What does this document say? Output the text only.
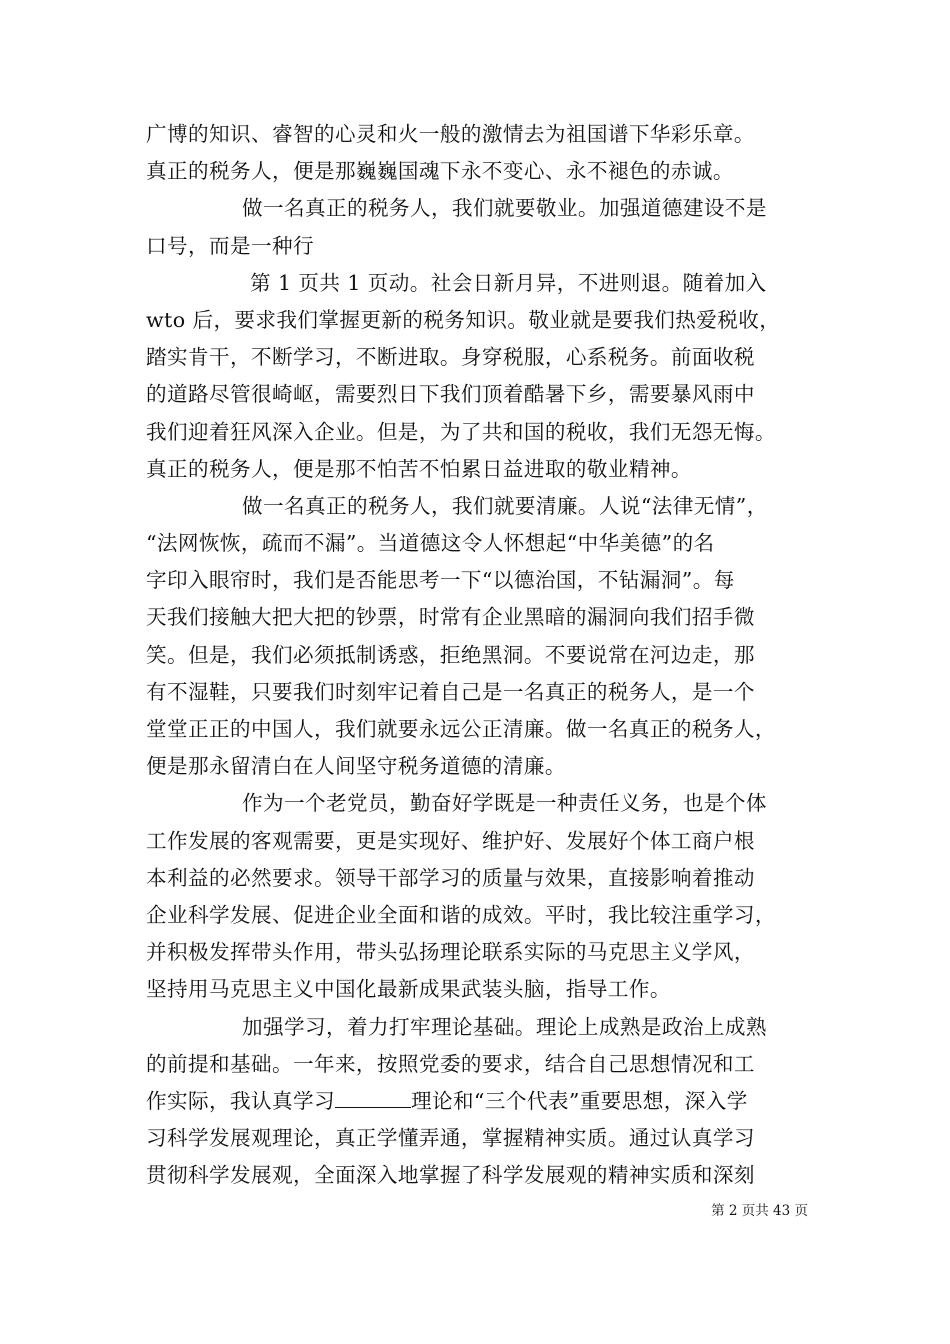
广博的知识、睿智的心灵和火一般的激情去为祖国谱下华彩乐章。
真正的税务人，便是那巍巍国魂下永不变心、永不褪色的赤诚。
做一名真正的税务人，我们就要敬业。加强道德建设不是
口号，而是一种行
第 1 页共 1 页动。社会日新月异，不进则退。随着加入
wto 后，要求我们掌握更新的税务知识。敬业就是要我们热爱税收，
踏实肯干，不断学习，不断进取。身穿税服，心系税务。前面收税
的道路尽管很崎岖，需要烈日下我们顶着酷暑下乡，需要暴风雨中
我们迎着狂风深入企业。但是，为了共和国的税收，我们无怨无悔。
真正的税务人，便是那不怕苦不怕累日益进取的敬业精神。
做一名真正的税务人，我们就要清廉。人说“法律无情”，
“法网恢恢，疏而不漏”。当道德这令人怀想起“中华美德”的名
字印入眼帘时，我们是否能思考一下“以德治国，不钻漏洞”。每
天我们接触大把大把的钞票，时常有企业黑暗的漏洞向我们招手微
笑。但是，我们必须抵制诱惑，拒绝黑洞。不要说常在河边走，那
有不湿鞋，只要我们时刻牢记着自己是一名真正的税务人，是一个
堂堂正正的中国人，我们就要永远公正清廉。做一名真正的税务人，
便是那永留清白在人间坚守税务道德的清廉。
作为一个老党员，勤奋好学既是一种责任义务，也是个体
工作发展的客观需要，更是实现好、维护好、发展好个体工商户根
本利益的必然要求。领导干部学习的质量与效果，直接影响着推动
企业科学发展、促进企业全面和谐的成效。平时，我比较注重学习，
并积极发挥带头作用，带头弘扬理论联系实际的马克思主义学风，
坚持用马克思主义中国化最新成果武装头脑，指导工作。
加强学习，着力打牢理论基础。理论上成熟是政治上成熟
的前提和基础。一年来，按照党委的要求，结合自己思想情况和工
作实际，我认真学习	理论和“三个代表”重要思想，深入学
习科学发展观理论，真正学懂弄通，掌握精神实质。通过认真学习
贯彻科学发展观，全面深入地掌握了科学发展观的精神实质和深刻
第 2 页共 43 页
